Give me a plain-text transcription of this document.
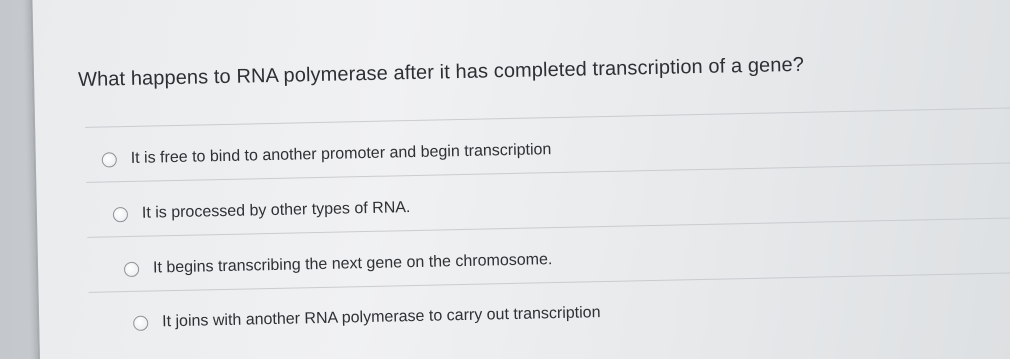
What happens to RNA polymerase after it has completed transcription of a gene?
It is free to bind to another promoter and begin transcription
It is processed by other types of RNA.
It begins transcribing the next gene on the chromosome.
It joins with another RNA polymerase to carry out transcription
